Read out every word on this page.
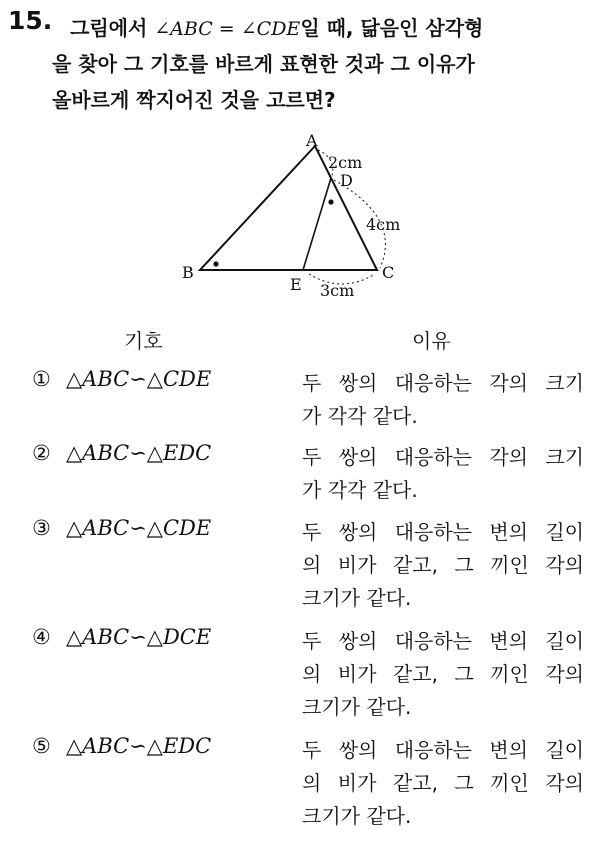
15. 그림에서 ∠ABC = ∠CDE일 때, 닮음인 삼각형
을 찾아 그 기호를 바르게 표현한 것과 그 이유가
올바르게 짝지어진 것을 고르면?
A
B	C
D
E
2cm
4cm
3cm
기호	이유
① △ABC∽△CDE	두 쌍의 대응하는 각의 크기
가 각각 같다.
② △ABC∽△EDC	두 쌍의 대응하는 각의 크기
가 각각 같다.
③ △ABC∽△CDE	두 쌍의 대응하는 변의 길이
의 비가 같고, 그 끼인 각의
크기가 같다.
④ △ABC∽△DCE	두 쌍의 대응하는 변의 길이
의 비가 같고, 그 끼인 각의
크기가 같다.
⑤ △ABC∽△EDC	두 쌍의 대응하는 변의 길이
의 비가 같고, 그 끼인 각의
크기가 같다.
